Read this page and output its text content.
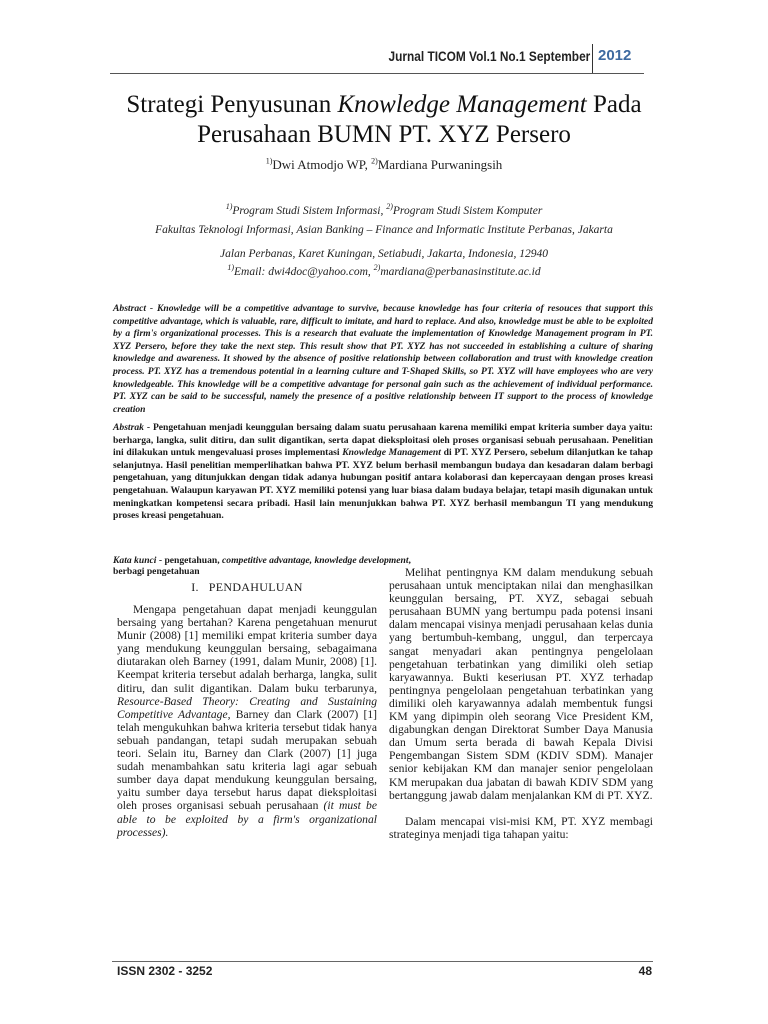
Jurnal TICOM Vol.1 No.1 September 2012
Strategi Penyusunan Knowledge Management Pada Perusahaan BUMN PT. XYZ Persero
$^{1)}$Dwi Atmodjo WP, $^{2)}$Mardiana Purwaningsih
$^{1)}$Program Studi Sistem Informasi, $^{2)}$Program Studi Sistem Komputer
Fakultas Teknologi Informasi, Asian Banking – Finance and Informatic Institute Perbanas, Jakarta
Jalan Perbanas, Karet Kuningan, Setiabudi, Jakarta, Indonesia, 12940
$^{1)}$Email: dwi4doc@yahoo.com, $^{2)}$mardiana@perbanasinstitute.ac.id
Abstract - Knowledge will be a competitive advantage to survive, because knowledge has four criteria of resouces that support this competitive advantage, which is valuable, rare, difficult to imitate, and hard to replace. And also, knowledge must be able to be exploited by a firm's organizational processes. This is a research that evaluate the implementation of Knowledge Management program in PT. XYZ Persero, before they take the next step. This result show that PT. XYZ has not succeeded in establishing a culture of sharing knowledge and awareness. It showed by the absence of positive relationship between collaboration and trust with knowledge creation process. PT. XYZ has a tremendous potential in a learning culture and T-Shaped Skills, so PT. XYZ will have employees who are very knowledgeable. This knowledge will be a competitive advantage for personal gain such as the achievement of individual performance. PT. XYZ can be said to be successful, namely the presence of a positive relationship between IT support to the process of knowledge creation
Abstrak - Pengetahuan menjadi keunggulan bersaing dalam suatu perusahaan karena memiliki empat kriteria sumber daya yaitu: berharga, langka, sulit ditiru, dan sulit digantikan, serta dapat dieksploitasi oleh proses organisasi sebuah perusahaan. Penelitian ini dilakukan untuk mengevaluasi proses implementasi Knowledge Management di PT. XYZ Persero, sebelum dilanjutkan ke tahap selanjutnya. Hasil penelitian memperlihatkan bahwa PT. XYZ belum berhasil membangun budaya dan kesadaran dalam berbagi pengetahuan, yang ditunjukkan dengan tidak adanya hubungan positif antara kolaborasi dan kepercayaan dengan proses kreasi pengetahuan. Walaupun karyawan PT. XYZ memiliki potensi yang luar biasa dalam budaya belajar, tetapi masih digunakan untuk meningkatkan kompetensi secara pribadi. Hasil lain menunjukkan bahwa PT. XYZ berhasil membangun TI yang mendukung proses kreasi pengetahuan.
Kata kunci - pengetahuan, competitive advantage, knowledge development, berbagi pengetahuan
I.   PENDAHULUAN

Mengapa pengetahuan dapat menjadi keunggulan bersaing yang bertahan? Karena pengetahuan menurut Munir (2008) [1] memiliki empat kriteria sumber daya yang mendukung keunggulan bersaing, sebagaimana diutarakan oleh Barney (1991, dalam Munir, 2008) [1]. Keempat kriteria tersebut adalah berharga, langka, sulit ditiru, dan sulit digantikan. Dalam buku terbarunya, Resource-Based Theory: Creating and Sustaining Competitive Advantage, Barney dan Clark (2007) [1] telah mengukuhkan bahwa kriteria tersebut tidak hanya sebuah pandangan, tetapi sudah merupakan sebuah teori. Selain itu, Barney dan Clark (2007) [1] juga sudah menambahkan satu kriteria lagi agar sebuah sumber daya dapat mendukung keunggulan bersaing, yaitu sumber daya tersebut harus dapat dieksploitasi oleh proses organisasi sebuah perusahaan (it must be able to be exploited by a firm's organizational processes).

Melihat pentingnya KM dalam mendukung sebuah perusahaan untuk menciptakan nilai dan menghasilkan keunggulan bersaing, PT. XYZ, sebagai sebuah perusahaan BUMN yang bertumpu pada potensi insani dalam mencapai visinya menjadi perusahaan kelas dunia yang bertumbuh-kembang, unggul, dan terpercaya sangat menyadari akan pentingnya pengelolaan pengetahuan terbatinkan yang dimiliki oleh setiap karyawannya. Bukti keseriusan PT. XYZ terhadap pentingnya pengelolaan pengetahuan terbatinkan yang dimiliki oleh karyawannya adalah membentuk fungsi KM yang dipimpin oleh seorang Vice President KM, digabungkan dengan Direktorat Sumber Daya Manusia dan Umum serta berada di bawah Kepala Divisi Pengembangan Sistem SDM (KDIV SDM). Manajer senior kebijakan KM dan manajer senior pengelolaan KM merupakan dua jabatan di bawah KDIV SDM yang bertanggung jawab dalam menjalankan KM di PT. XYZ.

Dalam mencapai visi-misi KM, PT. XYZ membagi strateginya menjadi tiga tahapan yaitu:

ISSN 2302 - 3252	48
